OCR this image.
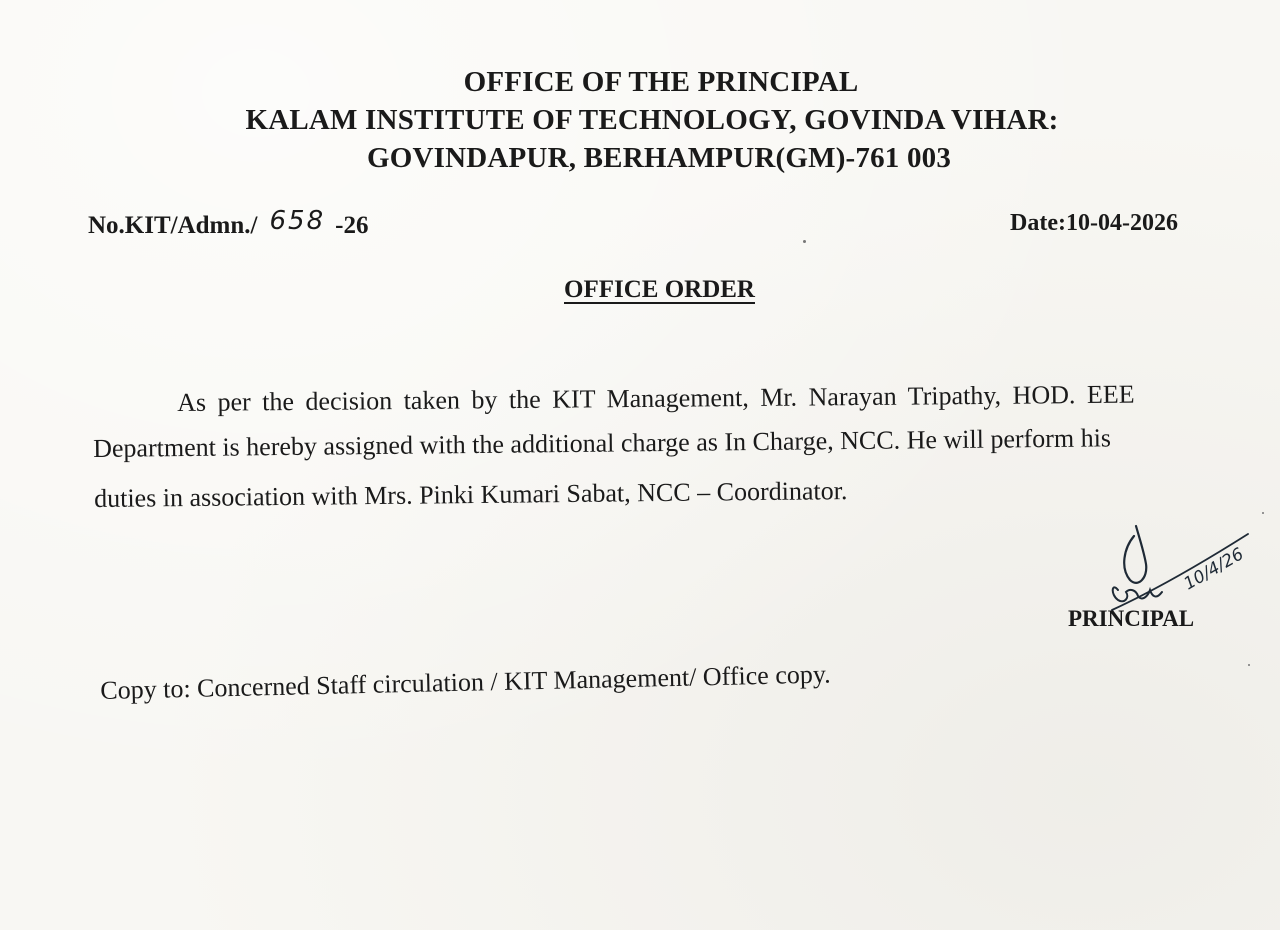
OFFICE OF THE PRINCIPAL
KALAM INSTITUTE OF TECHNOLOGY, GOVINDA VIHAR:
GOVINDAPUR, BERHAMPUR(GM)-761 003
No.KIT/Admn./ 658 -26	Date:10-04-2026
OFFICE ORDER
As per the decision taken by the KIT Management, Mr. Narayan Tripathy, HOD. EEE
Department is hereby assigned with the additional charge as In Charge, NCC. He will perform his
duties in association with Mrs. Pinki Kumari Sabat, NCC – Coordinator.
10/4/26
PRINCIPAL
Copy to: Concerned Staff circulation / KIT Management/ Office copy.
